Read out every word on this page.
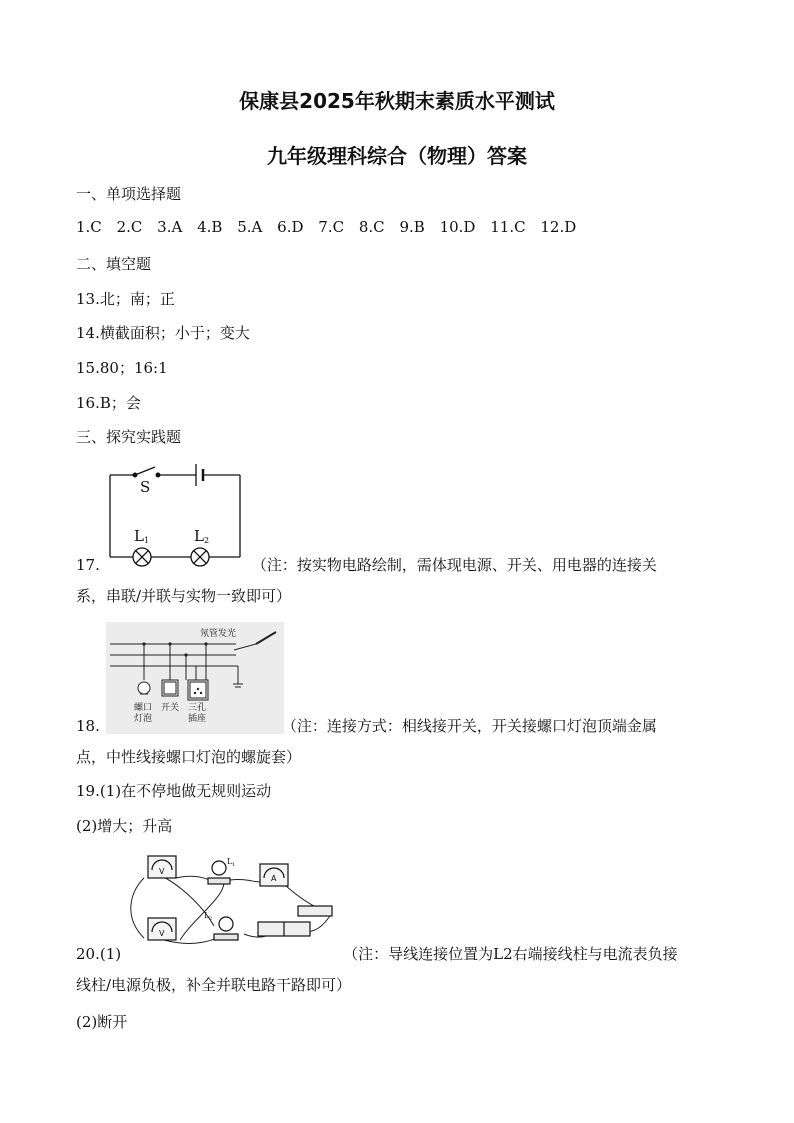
保康县2025年秋期末素质水平测试
九年级理科综合（物理）答案
一、单项选择题
1.C 2.C 3.A 4.B 5.A 6.D 7.C 8.C 9.B 10.D 11.C 12.D
二、填空题
13.北；南；正
14.横截面积；小于；变大
15.80；16:1
16.B；会
三、探究实践题
S
L 1	L 2
17.	（注：按实物电路绘制，需体现电源、开关、用电器的连接关系，串联/并联与实物一致即可）
氖管发光
螺口
灯泡
开关 三孔
插座
18.	（注：连接方式：相线接开关，开关接螺口灯泡顶端金属点，中性线接螺口灯泡的螺旋套）
19.(1)在不停地做无规则运动
(2)增大；升高
V
V
A
L 1
L 2
20.(1)	（注：导线连接位置为L2右端接线柱与电流表负接线柱/电源负极，补全并联电路干路即可）
(2)断开
